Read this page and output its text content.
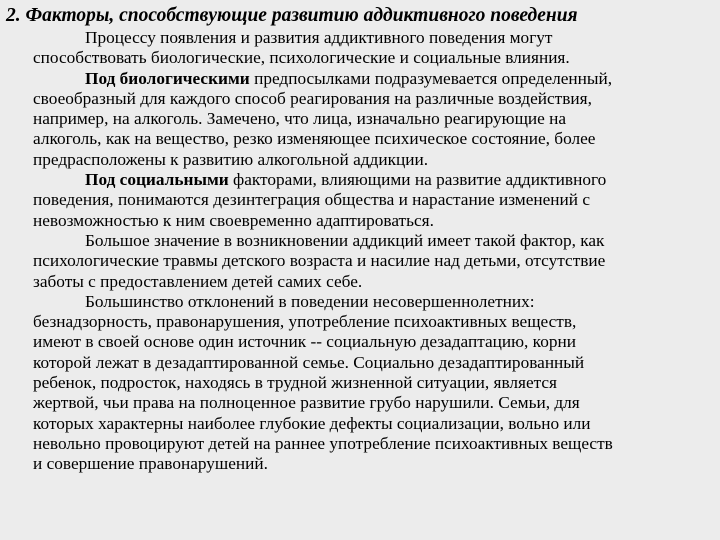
2. Факторы, способствующие развитию аддиктивного поведения
Процессу появления и развития аддиктивного поведения могут
способствовать биологические, психологические и социальные влияния.
Под биологическими предпосылками подразумевается определенный,
своеобразный для каждого способ реагирования на различные воздействия,
например, на алкоголь. Замечено, что лица, изначально реагирующие на
алкоголь, как на вещество, резко изменяющее психическое состояние, более
предрасположены к развитию алкогольной аддикции.
Под социальными факторами, влияющими на развитие аддиктивного
поведения, понимаются дезинтеграция общества и нарастание изменений с
невозможностью к ним своевременно адаптироваться.
Большое значение в возникновении аддикций имеет такой фактор, как
психологические травмы детского возраста и насилие над детьми, отсутствие
заботы с предоставлением детей самих себе.
Большинство отклонений в поведении несовершеннолетних:
безнадзорность, правонарушения, употребление психоактивных веществ,
имеют в своей основе один источник -- социальную дезадаптацию, корни
которой лежат в дезадаптированной семье. Социально дезадаптированный
ребенок, подросток, находясь в трудной жизненной ситуации, является
жертвой, чьи права на полноценное развитие грубо нарушили. Семьи, для
которых характерны наиболее глубокие дефекты социализации, вольно или
невольно провоцируют детей на раннее употребление психоактивных веществ
и совершение правонарушений.
